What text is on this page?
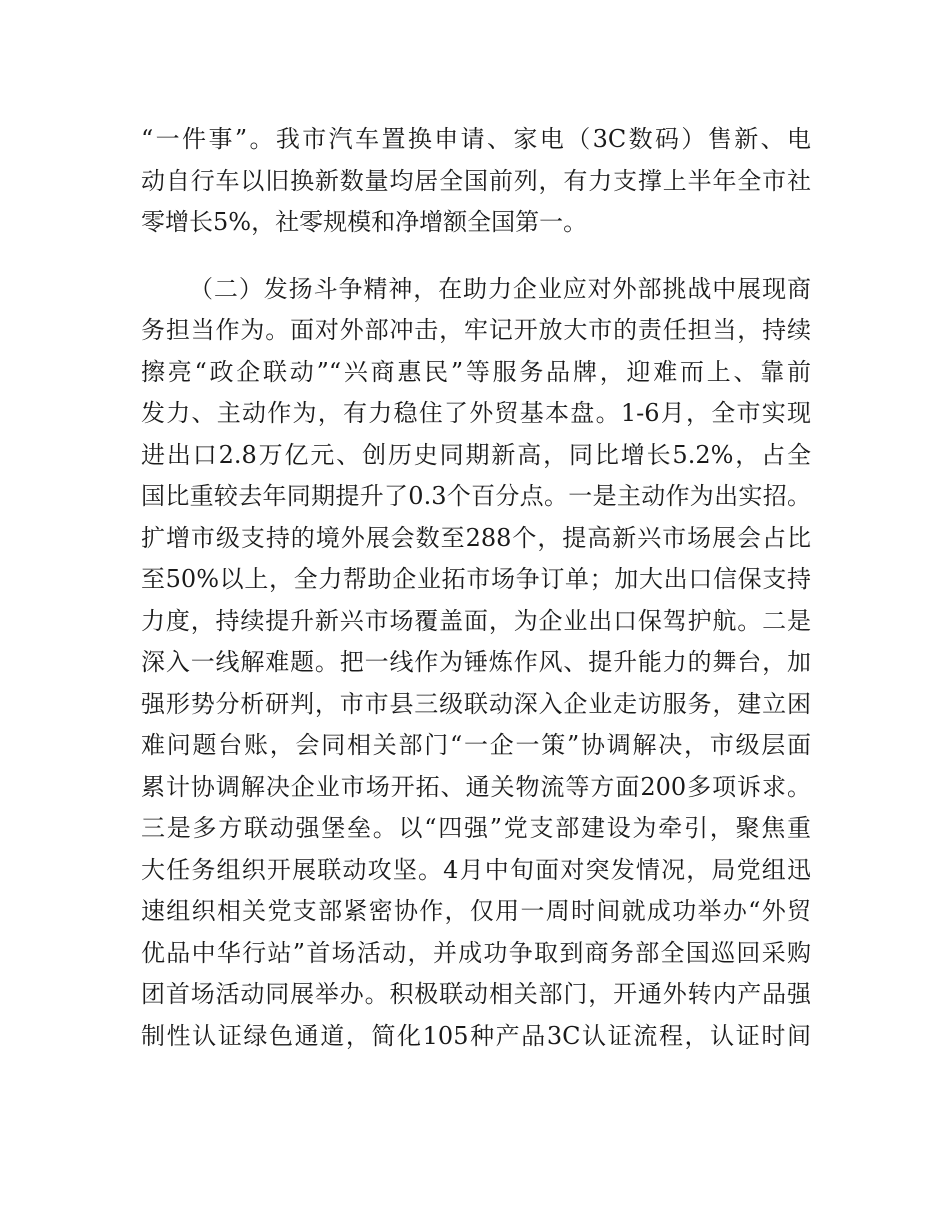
“一件事”。我市汽车置换申请、家电（3C数码）售新、电
动自行车以旧换新数量均居全国前列，有力支撑上半年全市社
零增长5%，社零规模和净增额全国第一。
（二）发扬斗争精神，在助力企业应对外部挑战中展现商
务担当作为。面对外部冲击，牢记开放大市的责任担当，持续
擦亮“政企联动”“兴商惠民”等服务品牌，迎难而上、靠前
发力、主动作为，有力稳住了外贸基本盘。1-6月，全市实现
进出口2.8万亿元、创历史同期新高，同比增长5.2%，占全
国比重较去年同期提升了0.3个百分点。一是主动作为出实招。
扩增市级支持的境外展会数至288个，提高新兴市场展会占比
至50%以上，全力帮助企业拓市场争订单；加大出口信保支持
力度，持续提升新兴市场覆盖面，为企业出口保驾护航。二是
深入一线解难题。把一线作为锤炼作风、提升能力的舞台，加
强形势分析研判，市市县三级联动深入企业走访服务，建立困
难问题台账，会同相关部门“一企一策”协调解决，市级层面
累计协调解决企业市场开拓、通关物流等方面200多项诉求。
三是多方联动强堡垒。以“四强”党支部建设为牵引，聚焦重
大任务组织开展联动攻坚。4月中旬面对突发情况，局党组迅
速组织相关党支部紧密协作，仅用一周时间就成功举办“外贸
优品中华行站”首场活动，并成功争取到商务部全国巡回采购
团首场活动同展举办。积极联动相关部门，开通外转内产品强
制性认证绿色通道，简化105种产品3C认证流程，认证时间
